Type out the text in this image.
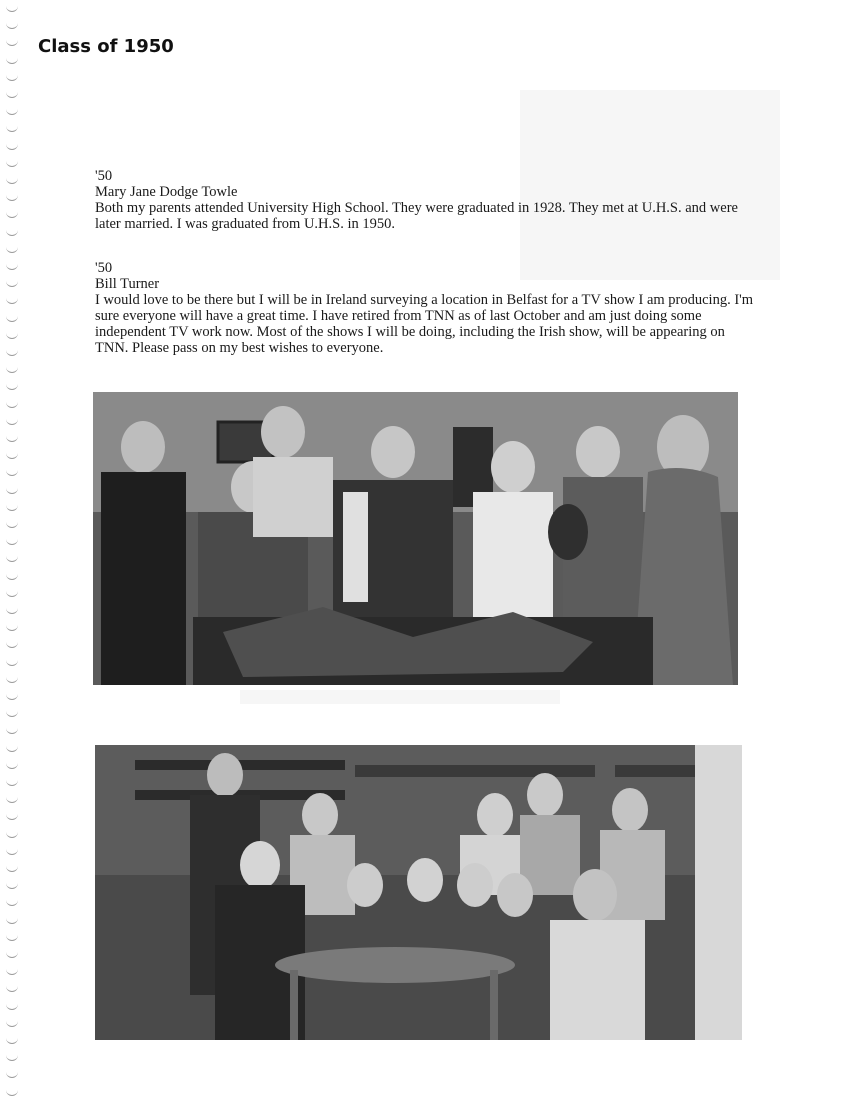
Class of 1950

'50

Mary Jane Dodge Towle

Both my parents attended University High School. They were graduated in 1928. They met at U.H.S. and were later married. I was graduated from U.H.S. in 1950.

'50

Bill Turner

I would love to be there but I will be in Ireland surveying a location in Belfast for a TV show I am producing. I'm sure everyone will have a great time. I have retired from TNN as of last October and am just doing some independent TV work now. Most of the shows I will be doing, including the Irish show, will be appearing on TNN. Please pass on my best wishes to everyone.
